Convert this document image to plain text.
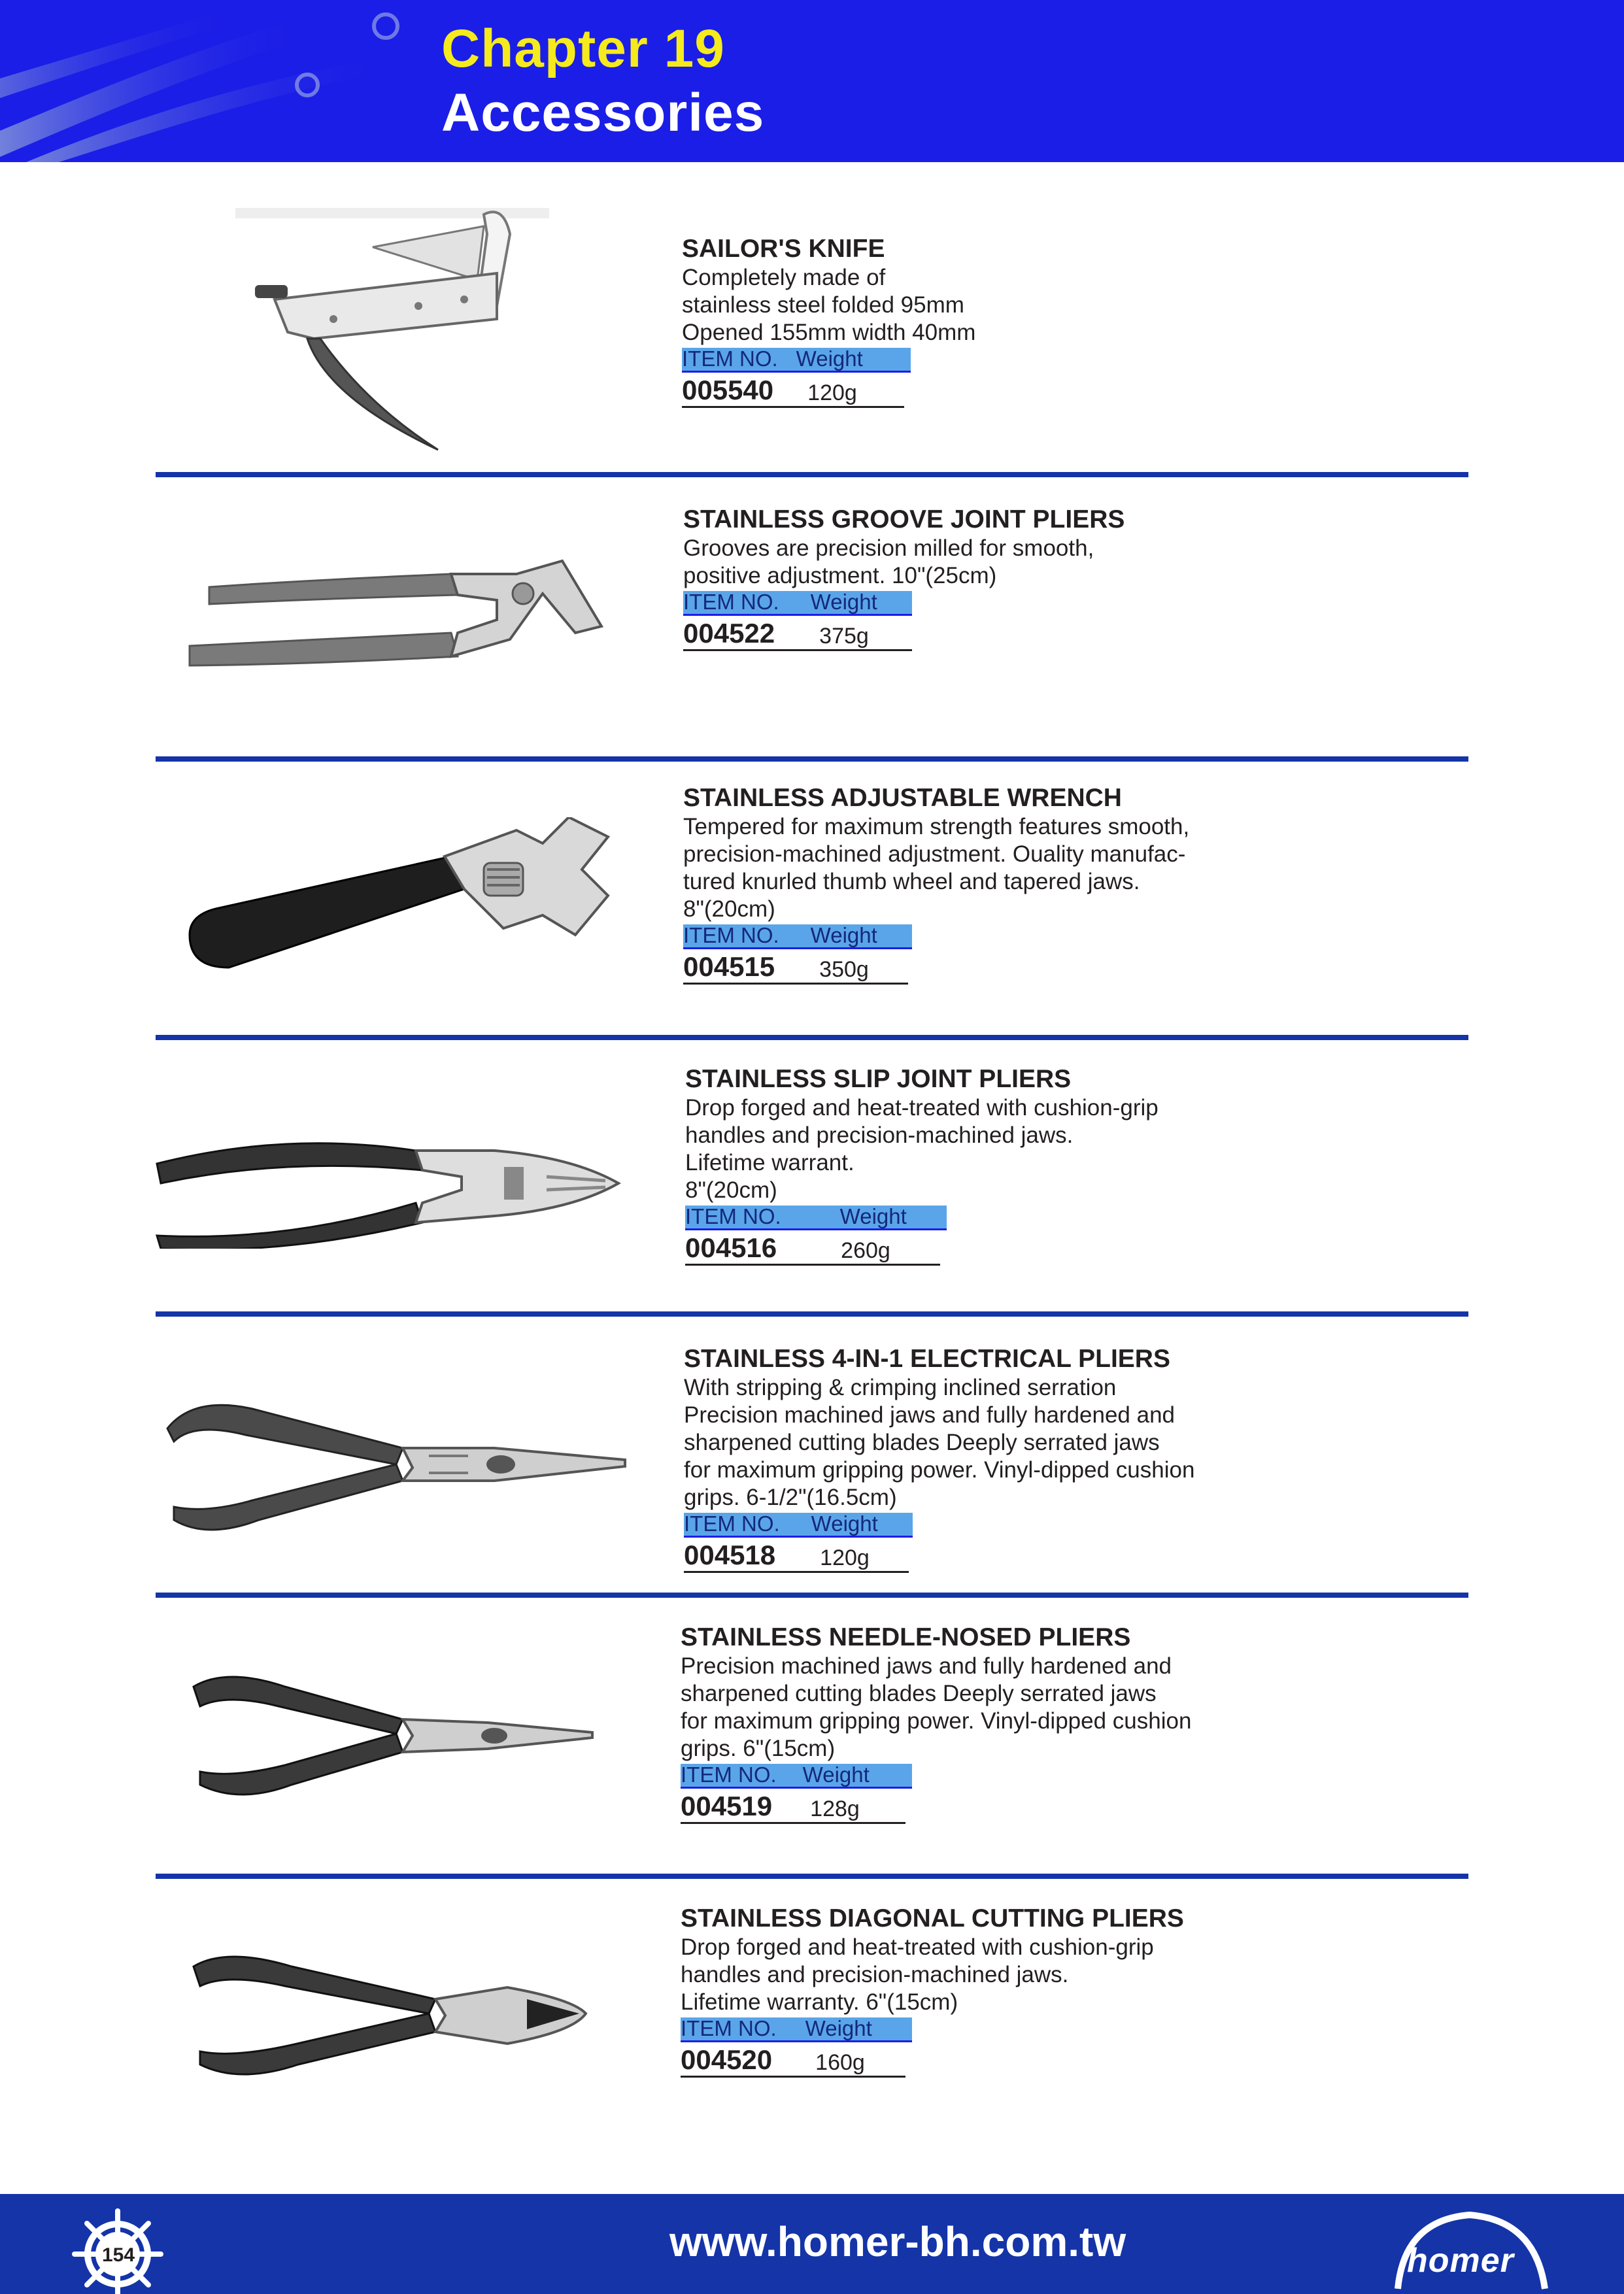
Chapter 19
Accessories
SAILOR'S KNIFE
Completely made of
stainless steel folded 95mm
Opened 155mm width 40mm
ITEM NO. Weight
005540 120g
STAINLESS GROOVE JOINT PLIERS
Grooves are precision milled for smooth,
positive adjustment. 10"(25cm)
ITEM NO. Weight
004522 375g
STAINLESS ADJUSTABLE WRENCH
Tempered for maximum strength features smooth,
precision-machined adjustment. Ouality manufac-
tured knurled thumb wheel and tapered jaws.
8"(20cm)
ITEM NO. Weight
004515 350g
STAINLESS SLIP JOINT PLIERS
Drop forged and heat-treated with cushion-grip
handles and precision-machined jaws.
Lifetime warrant.
8"(20cm)
ITEM NO.	Weight
004516	260g
STAINLESS 4-IN-1 ELECTRICAL PLIERS
With stripping & crimping inclined serration
Precision machined jaws and fully hardened and
sharpened cutting blades Deeply serrated jaws
for maximum gripping power. Vinyl-dipped cushion
grips. 6-1/2"(16.5cm)
ITEM NO. Weight
004518 120g
STAINLESS NEEDLE-NOSED PLIERS
Precision machined jaws and fully hardened and
sharpened cutting blades Deeply serrated jaws
for maximum gripping power. Vinyl-dipped cushion
grips. 6"(15cm)
ITEM NO. Weight
004519 128g
STAINLESS DIAGONAL CUTTING PLIERS
Drop forged and heat-treated with cushion-grip
handles and precision-machined jaws.
Lifetime warranty. 6"(15cm)
ITEM NO. Weight
004520 160g
154	www.homer-bh.com.tw	homer
